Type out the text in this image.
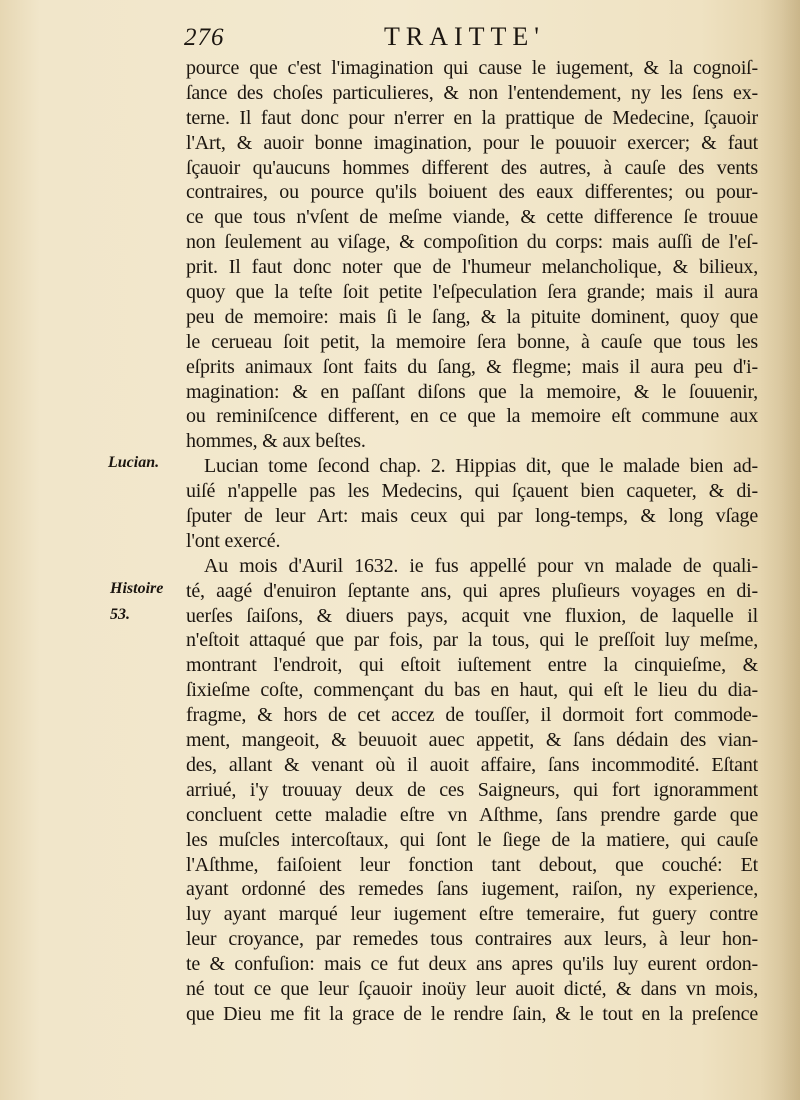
276	TRAITTE'
Lucian.
Histoire
53.
pource que c'est l'imagination qui cause le iugement, & la cognoiſ-
ſance des choſes particulieres, & non l'entendement, ny les ſens ex-
terne. Il faut donc pour n'errer en la prattique de Medecine, ſçauoir
l'Art, & auoir bonne imagination, pour le pouuoir exercer; & faut
ſçauoir qu'aucuns hommes different des autres, à cauſe des vents
contraires, ou pource qu'ils boiuent des eaux differentes; ou pour-
ce que tous n'vſent de meſme viande, & cette difference ſe trouue
non ſeulement au viſage, & compoſition du corps: mais auſſi de l'eſ-
prit. Il faut donc noter que de l'humeur melancholique, & bilieux,
quoy que la teſte ſoit petite l'eſpeculation ſera grande; mais il aura
peu de memoire: mais ſi le ſang, & la pituite dominent, quoy que
le cerueau ſoit petit, la memoire ſera bonne, à cauſe que tous les
eſprits animaux ſont faits du ſang, & flegme; mais il aura peu d'i-
magination: & en paſſant diſons que la memoire, & le ſouuenir,
ou reminiſcence different, en ce que la memoire eſt commune aux
hommes, & aux beſtes.
Lucian tome ſecond chap. 2. Hippias dit, que le malade bien ad-
uiſé n'appelle pas les Medecins, qui ſçauent bien caqueter, & di-
ſputer de leur Art: mais ceux qui par long-temps, & long vſage
l'ont exercé.
Au mois d'Auril 1632. ie fus appellé pour vn malade de quali-
té, aagé d'enuiron ſeptante ans, qui apres pluſieurs voyages en di-
uerſes ſaiſons, & diuers pays, acquit vne fluxion, de laquelle il
n'eſtoit attaqué que par fois, par la tous, qui le preſſoit luy meſme,
montrant l'endroit, qui eſtoit iuſtement entre la cinquieſme, &
ſixieſme coſte, commençant du bas en haut, qui eſt le lieu du dia-
fragme, & hors de cet accez de touſſer, il dormoit fort commode-
ment, mangeoit, & beuuoit auec appetit, & ſans dédain des vian-
des, allant & venant où il auoit affaire, ſans incommodité. Eſtant
arriué, i'y trouuay deux de ces Saigneurs, qui fort ignoramment
concluent cette maladie eſtre vn Aſthme, ſans prendre garde que
les muſcles intercoſtaux, qui ſont le ſiege de la matiere, qui cauſe
l'Aſthme, faiſoient leur fonction tant debout, que couché: Et
ayant ordonné des remedes ſans iugement, raiſon, ny experience,
luy ayant marqué leur iugement eſtre temeraire, fut guery contre
leur croyance, par remedes tous contraires aux leurs, à leur hon-
te & confuſion: mais ce fut deux ans apres qu'ils luy eurent ordon-
né tout ce que leur ſçauoir inoüy leur auoit dicté, & dans vn mois,
que Dieu me fit la grace de le rendre ſain, & le tout en la preſence
